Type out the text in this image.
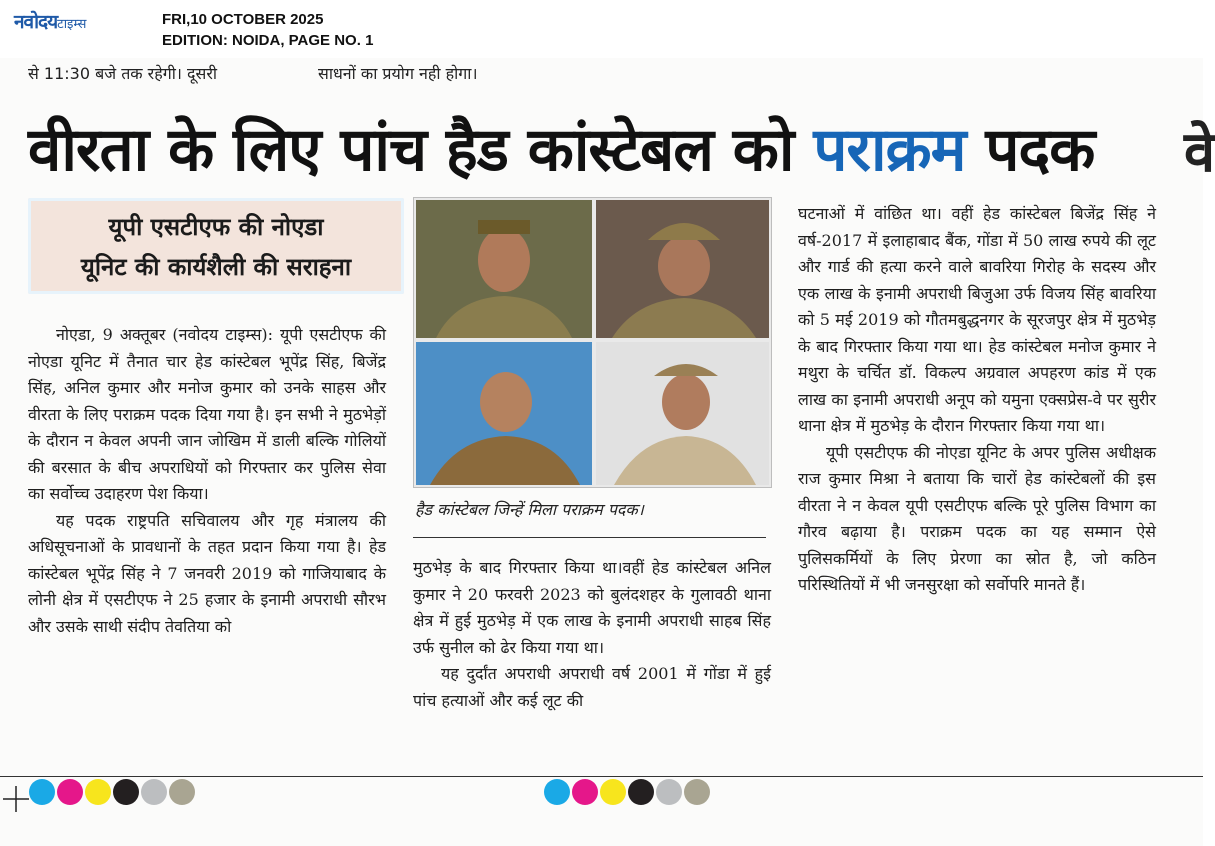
नवोदयटाइम्स	FRI,10 OCTOBER 2025
EDITION: NOIDA, PAGE NO. 1
से 11:30 बजे तक रहेगी। दूसरी	साधनों का प्रयोग नही होगा।
वीरता के लिए पांच हैड कांस्टेबल को पराक्रम पदक वे
यूपी एसटीएफ की नोएडा
यूनिट की कार्यशैली की सराहना

नोएडा, 9 अक्तूबर (नवोदय टाइम्स): यूपी एसटीएफ की नोएडा यूनिट में तैनात चार हेड कांस्टेबल भूपेंद्र सिंह, बिजेंद्र सिंह, अनिल कुमार और मनोज कुमार को उनके साहस और वीरता के लिए पराक्रम पदक दिया गया है। इन सभी ने मुठभेड़ों के दौरान न केवल अपनी जान जोखिम में डाली बल्कि गोलियों की बरसात के बीच अपराधियों को गिरफ्तार कर पुलिस सेवा का सर्वोच्च उदाहरण पेश किया।

यह पदक राष्ट्रपति सचिवालय और गृह मंत्रालय की अधिसूचनाओं के प्रावधानों के तहत प्रदान किया गया है। हेड कांस्टेबल भूपेंद्र सिंह ने 7 जनवरी 2019 को गाजियाबाद के लोनी क्षेत्र में एसटीएफ ने 25 हजार के इनामी अपराधी सौरभ और उसके साथी संदीप तेवतिया को

हैड कांस्टेबल जिन्हें मिला पराक्रम पदक।

मुठभेड़ के बाद गिरफ्तार किया था।वहीं हेड कांस्टेबल अनिल कुमार ने 20 फरवरी 2023 को बुलंदशहर के गुलावठी थाना क्षेत्र में हुई मुठभेड़ में एक लाख के इनामी अपराधी साहब सिंह उर्फ सुनील को ढेर किया गया था।

यह दुर्दांत अपराधी अपराधी वर्ष 2001 में गोंडा में हुई पांच हत्याओं और कई लूट की

घटनाओं में वांछित था। वहीं हेड कांस्टेबल बिजेंद्र सिंह ने वर्ष-2017 में इलाहाबाद बैंक, गोंडा में 50 लाख रुपये की लूट और गार्ड की हत्या करने वाले बावरिया गिरोह के सदस्य और एक लाख के इनामी अपराधी बिजुआ उर्फ विजय सिंह बावरिया को 5 मई 2019 को गौतमबुद्धनगर के सूरजपुर क्षेत्र में मुठभेड़ के बाद गिरफ्तार किया गया था। हेड कांस्टेबल मनोज कुमार ने मथुरा के चर्चित डॉ. विकल्प अग्रवाल अपहरण कांड में एक लाख का इनामी अपराधी अनूप को यमुना एक्सप्रेस-वे पर सुरीर थाना क्षेत्र में मुठभेड़ के दौरान गिरफ्तार किया गया था।

यूपी एसटीएफ की नोएडा यूनिट के अपर पुलिस अधीक्षक राज कुमार मिश्रा ने बताया कि चारों हेड कांस्टेबलों की इस वीरता ने न केवल यूपी एसटीएफ बल्कि पूरे पुलिस विभाग का गौरव बढ़ाया है। पराक्रम पदक का यह सम्मान ऐसे पुलिसकर्मियों के लिए प्रेरणा का स्रोत है, जो कठिन परिस्थितियों में भी जनसुरक्षा को सर्वोपरि मानते हैं।
